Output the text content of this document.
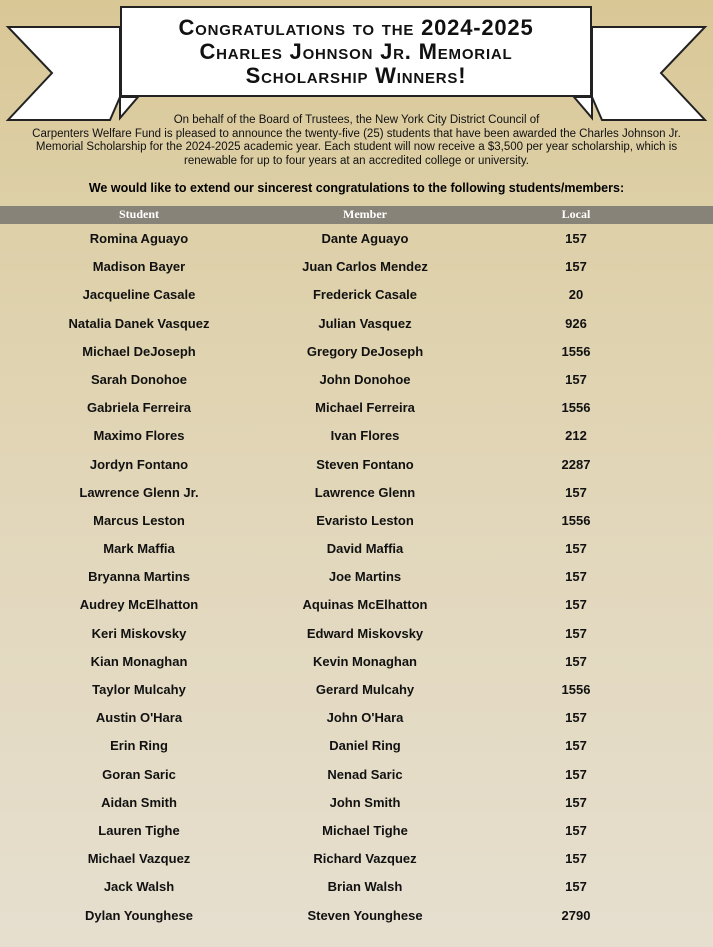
Congratulations to the 2024-2025
Charles Johnson Jr. Memorial
Scholarship Winners!
On behalf of the Board of Trustees, the New York City District Council of
Carpenters Welfare Fund is pleased to announce the twenty-five (25) students that have been awarded the Charles Johnson Jr.
Memorial Scholarship for the 2024-2025 academic year. Each student will now receive a $3,500 per year scholarship, which is
renewable for up to four years at an accredited college or university.
We would like to extend our sincerest congratulations to the following students/members:
Student	Member	Local
Romina Aguayo	Dante Aguayo	157
Madison Bayer	Juan Carlos Mendez	157
Jacqueline Casale	Frederick Casale	20
Natalia Danek Vasquez	Julian Vasquez	926
Michael DeJoseph	Gregory DeJoseph	1556
Sarah Donohoe	John Donohoe	157
Gabriela Ferreira	Michael Ferreira	1556
Maximo Flores	Ivan Flores	212
Jordyn Fontano	Steven Fontano	2287
Lawrence Glenn Jr.	Lawrence Glenn	157
Marcus Leston	Evaristo Leston	1556
Mark Maffia	David Maffia	157
Bryanna Martins	Joe Martins	157
Audrey McElhatton	Aquinas McElhatton	157
Keri Miskovsky	Edward Miskovsky	157
Kian Monaghan	Kevin Monaghan	157
Taylor Mulcahy	Gerard Mulcahy	1556
Austin O'Hara	John O'Hara	157
Erin Ring	Daniel Ring	157
Goran Saric	Nenad Saric	157
Aidan Smith	John Smith	157
Lauren Tighe	Michael Tighe	157
Michael Vazquez	Richard Vazquez	157
Jack Walsh	Brian Walsh	157
Dylan Younghese	Steven Younghese	2790
